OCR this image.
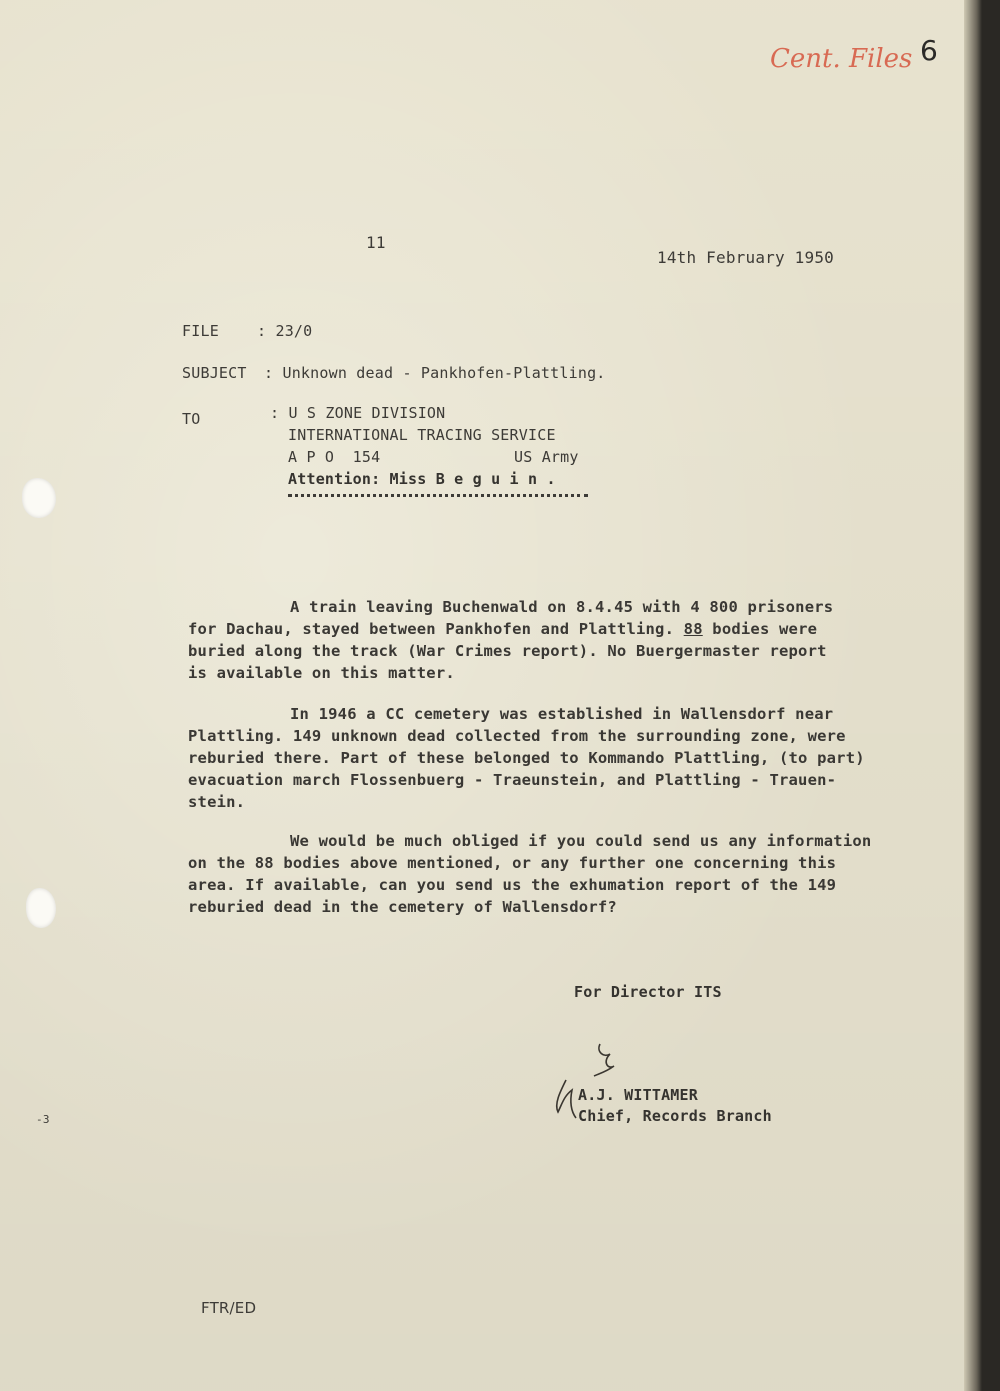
Cent. Files 6
11
14th February 1950
FILE	: 23/0
SUBJECT : Unknown dead - Pankhofen-Plattling.
TO	: U S ZONE DIVISION
INTERNATIONAL TRACING SERVICE
A P O  154	US Army
Attention: Miss B e g u i n .
A train leaving Buchenwald on 8.4.45 with 4 800 prisoners
for Dachau, stayed between Pankhofen and Plattling. 88 bodies were
buried along the track (War Crimes report). No Buergermaster report
is available on this matter.
In 1946 a CC cemetery was established in Wallensdorf near
Plattling. 149 unknown dead collected from the surrounding zone, were
reburied there. Part of these belonged to Kommando Plattling, (to part)
evacuation march Flossenbuerg - Traeunstein, and Plattling - Trauen-
stein.
We would be much obliged if you could send us any information
on the 88 bodies above mentioned, or any further one concerning this
area. If available, can you send us the exhumation report of the 149
reburied dead in the cemetery of Wallensdorf?
For Director ITS
A.J. WITTAMER
Chief, Records Branch
-3
FTR/ED
